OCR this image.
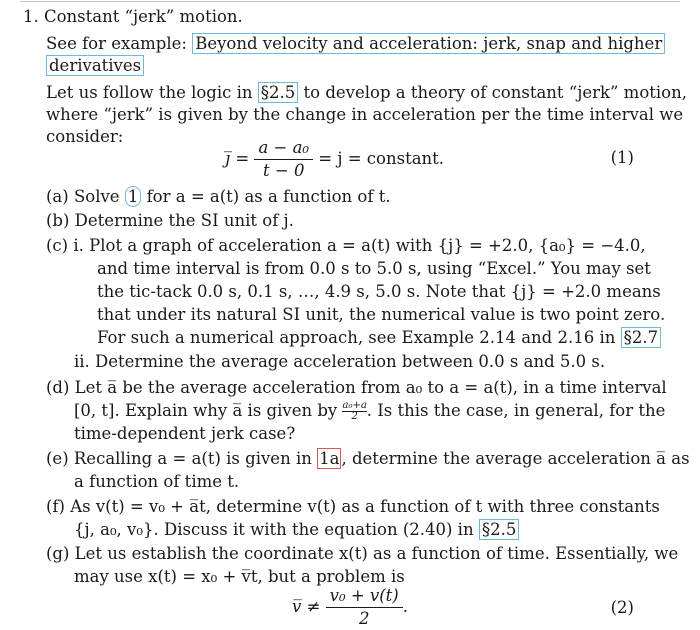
1. Constant “jerk” motion.
See for example: Beyond velocity and acceleration: jerk, snap and higher
derivatives
Let us follow the logic in §2.5 to develop a theory of constant “jerk” motion,
where “jerk” is given by the change in acceleration per the time interval we
consider:
j̅ = $\frac{\text{a − a₀}}{t - 0} = j$ = constant.	(1)
(a) Solve 1 for a = a(t) as a function of t.
(b) Determine the SI unit of j.
(c) i. Plot a graph of acceleration a = a(t) with {j} = +2.0, {a₀} = −4.0,
and time interval is from 0.0 s to 5.0 s, using “Excel.” You may set
the tic-tack 0.0 s, 0.1 s, …, 4.9 s, 5.0 s. Note that {j} = +2.0 means
that under its natural SI unit, the numerical value is two point zero.
For such a numerical approach, see Example 2.14 and 2.16 in §2.7
ii. Determine the average acceleration between 0.0 s and 5.0 s.
(d) Let a̅ be the average acceleration from a₀ to a = a(t), in a time interval
[0, t]. Explain why a̅ is given by $\frac{\text{a₀+a}}{2}$ . Is this the case, in general, for the
time-dependent jerk case?
(e) Recalling a = a(t) is given in 1a , determine the average acceleration a̅ as
a function of time t.
(f) As v(t) = v₀ + a̅t, determine v(t) as a function of t with three constants
{j, a₀, v₀}. Discuss it with the equation (2.40) in §2.5
(g) Let us establish the coordinate x(t) as a function of time. Essentially, we
may use x(t) = x₀ + v̅t, but a problem is
v̅ ≠ $\frac{\text{v₀ + v(t)}}{2}$ .	(2)
